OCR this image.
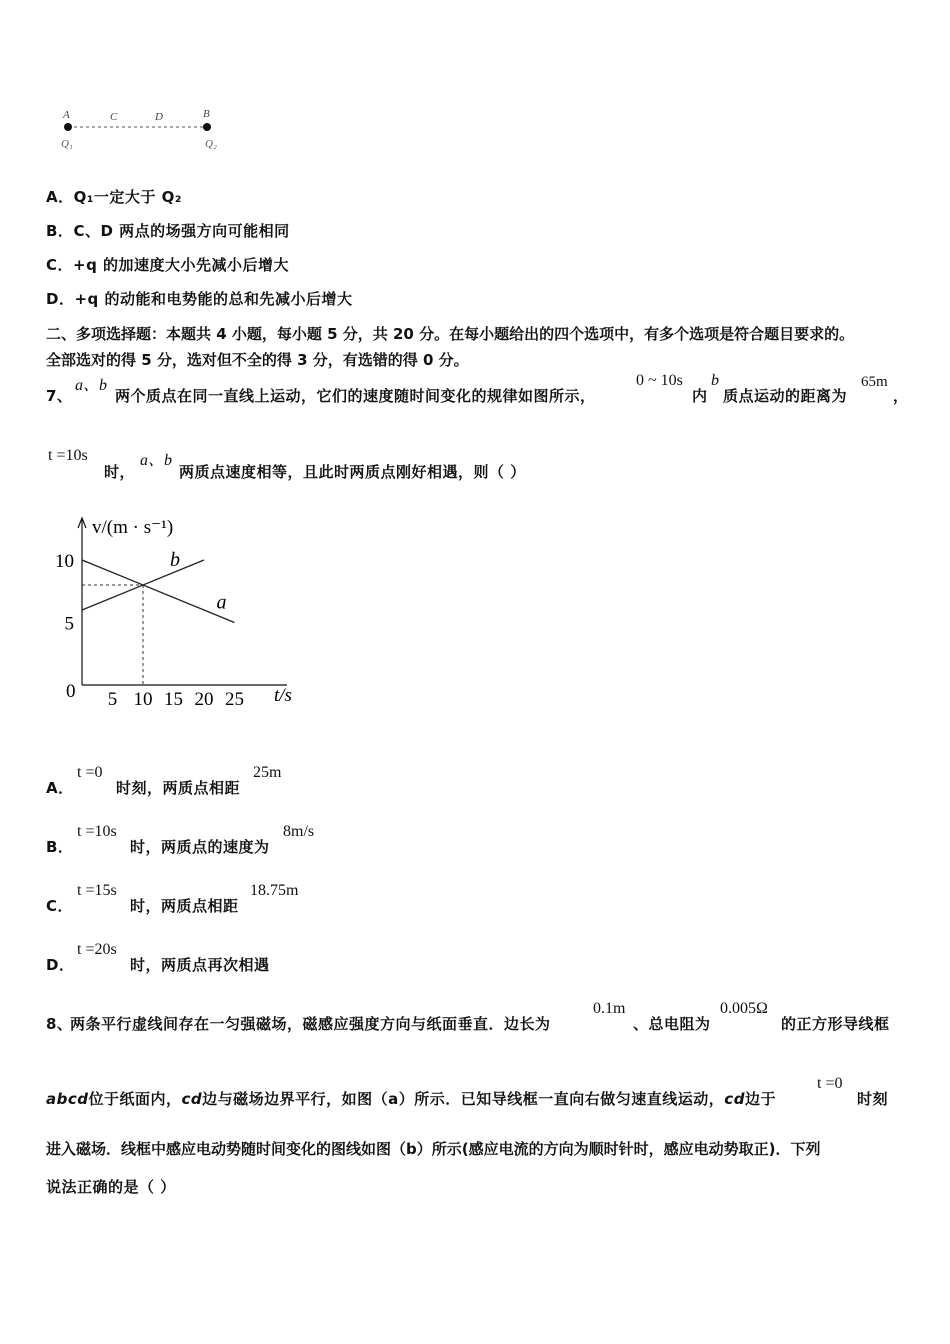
A	C	D	B
Q₁	Q₂
A．Q₁一定大于 Q₂
B．C、D 两点的场强方向可能相同
C．+q 的加速度大小先减小后增大
D．+q 的动能和电势能的总和先减小后增大
二、多项选择题：本题共 4 小题，每小题 5 分，共 20 分。在每小题给出的四个选项中，有多个选项是符合题目要求的。
全部选对的得 5 分，选对但不全的得 3 分，有选错的得 0 分。
7、
a、b
两个质点在同一直线上运动，它们的速度随时间变化的规律如图所示，
0 ~ 10s
内
b
质点运动的距离为
65m
，
t =10s
时，
a、b
两质点速度相等，且此时两质点刚好相遇，则（ ）
v/(m · s⁻¹)
t/s
0 5 10 15 20 25
5
10
a
b
A．
t =0
时刻，两质点相距
25m
B．
t =10s
时，两质点的速度为
8m/s
C．
t =15s
时，两质点相距
18.75m
D．
t =20s
时，两质点再次相遇
8、
两条平行虚线间存在一匀强磁场，磁感应强度方向与纸面垂直．边长为
0.1m
、总电阻为
0.005Ω
的正方形导线框
abcd位于纸面内，cd边与磁场边界平行，如图（a）所示．已知导线框一直向右做匀速直线运动，cd边于
t =0
时刻
进入磁场．线框中感应电动势随时间变化的图线如图（b）所示(感应电流的方向为顺时针时，感应电动势取正)．下列
说法正确的是（ ）
